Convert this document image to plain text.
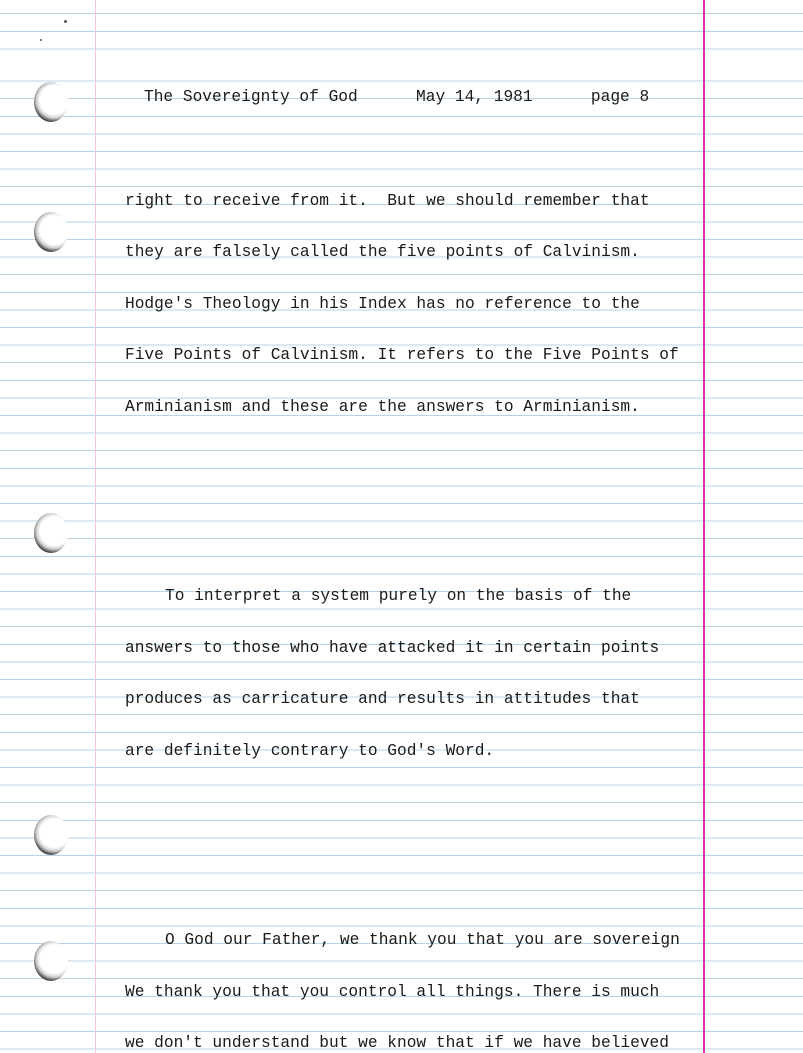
The Sovereignty of God	May 14, 1981	page 8

right to receive from it.  But we should remember that

they are falsely called the five points of Calvinism.

Hodge's Theology in his Index has no reference to the

Five Points of Calvinism. It refers to the Five Points of

Arminianism and these are the answers to Arminianism.

To interpret a system purely on the basis of the

answers to those who have attacked it in certain points

produces as carricature and results in attitudes that

are definitely contrary to God's Word.

O God our Father, we thank you that you are sovereign

We thank you that you control all things. There is much

we don't understand but we know that if we have believed
